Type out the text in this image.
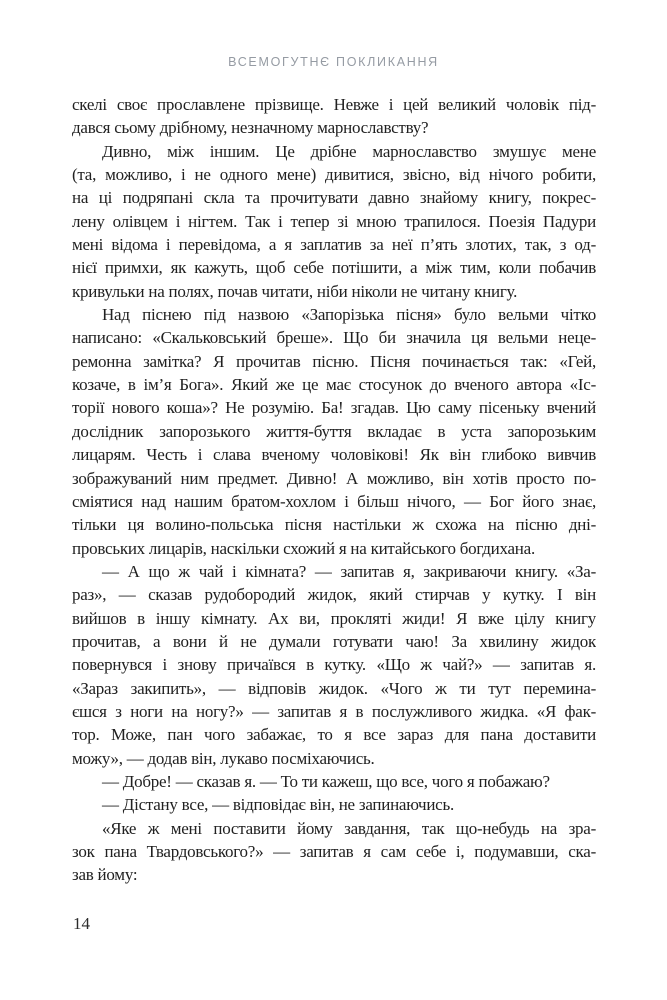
ВСЕМОГУТНЄ ПОКЛИКАННЯ
скелі своє прославлене прізвище. Невже і цей великий чоловік під-
дався сьому дрібному, незначному марнославству?
Дивно, між іншим. Це дрібне марнославство змушує мене
(та, можливо, і не одного мене) дивитися, звісно, від нічого робити,
на ці подряпані скла та прочитувати давно знайому книгу, покрес-
лену олівцем і нігтем. Так і тепер зі мною трапилося. Поезія Падури
мені відома і перевідома, а я заплатив за неї п’ять злотих, так, з од-
нієї примхи, як кажуть, щоб себе потішити, а між тим, коли побачив
кривульки на полях, почав читати, ніби ніколи не читану книгу.
Над піснею під назвою «Запорізька пісня» було вельми чітко
написано: «Скальковський бреше». Що би значила ця вельми неце-
ремонна замітка? Я прочитав пісню. Пісня починається так: «Гей,
козаче, в ім’я Бога». Який же це має стосунок до вченого автора «Іс-
торії нового коша»? Не розумію. Ба! згадав. Цю саму пісеньку вчений
дослідник запорозького життя-буття вкладає в уста запорозьким
лицарям. Честь і слава вченому чоловікові! Як він глибоко вивчив
зображуваний ним предмет. Дивно! А можливо, він хотів просто по-
сміятися над нашим братом-хохлом і більш нічого, — Бог його знає,
тільки ця волино-польська пісня настільки ж схожа на пісню дні-
провських лицарів, наскільки схожий я на китайського богдихана.
— А що ж чай і кімната? — запитав я, закриваючи книгу. «За-
раз», — сказав рудобородий жидок, який стирчав у кутку. І він
вийшов в іншу кімнату. Ах ви, прокляті жиди! Я вже цілу книгу
прочитав, а вони й не думали готувати чаю! За хвилину жидок
повернувся і знову причаївся в кутку. «Що ж чай?» — запитав я.
«Зараз закипить», — відповів жидок. «Чого ж ти тут перемина-
єшся з ноги на ногу?» — запитав я в послужливого жидка. «Я фак-
тор. Може, пан чого забажає, то я все зараз для пана доставити
можу», — додав він, лукаво посміхаючись.
— Добре! — сказав я. — То ти кажеш, що все, чого я побажаю?
— Дістану все, — відповідає він, не запинаючись.
«Яке ж мені поставити йому завдання, так що-небудь на зра-
зок пана Твардовського?» — запитав я сам себе і, подумавши, ска-
зав йому:
14
